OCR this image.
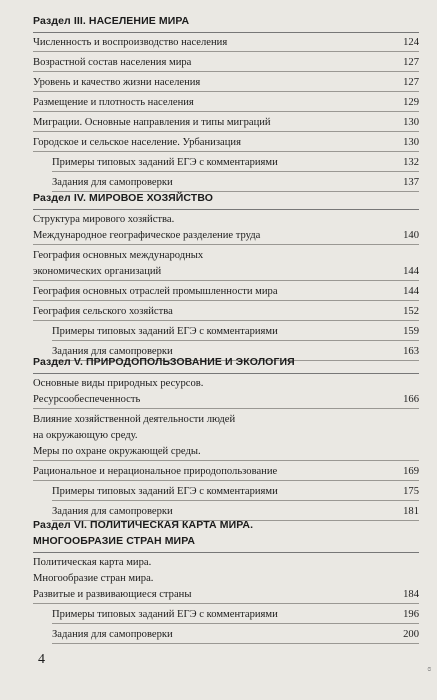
Раздел III. НАСЕЛЕНИЕ МИРА
Численность и воспроизводство населения	124
Возрастной состав населения мира	127
Уровень и качество жизни населения	127
Размещение и плотность населения	129
Миграции. Основные направления и типы миграций	130
Городское и сельское население. Урбанизация	130
Примеры типовых заданий ЕГЭ с комментариями	132
Задания для самопроверки	137
Раздел IV. МИРОВОЕ ХОЗЯЙСТВО
Структура мирового хозяйства.
Международное географическое разделение труда	140
География основных международных
экономических организаций	144
География основных отраслей промышленности мира	144
География сельского хозяйства	152
Примеры типовых заданий ЕГЭ с комментариями	159
Задания для самопроверки	163
Раздел V. ПРИРОДОПОЛЬЗОВАНИЕ И ЭКОЛОГИЯ
Основные виды природных ресурсов.
Ресурсообеспеченность	166
Влияние хозяйственной деятельности людей
на окружающую среду.
Меры по охране окружающей среды.
Рациональное и нерациональное природопользование	169
Примеры типовых заданий ЕГЭ с комментариями	175
Задания для самопроверки	181
Раздел VI. ПОЛИТИЧЕСКАЯ КАРТА МИРА.
МНОГООБРАЗИЕ СТРАН МИРА
Политическая карта мира.
Многообразие стран мира.
Развитые и развивающиеся страны	184
Примеры типовых заданий ЕГЭ с комментариями	196
Задания для самопроверки	200
4
ɞ
